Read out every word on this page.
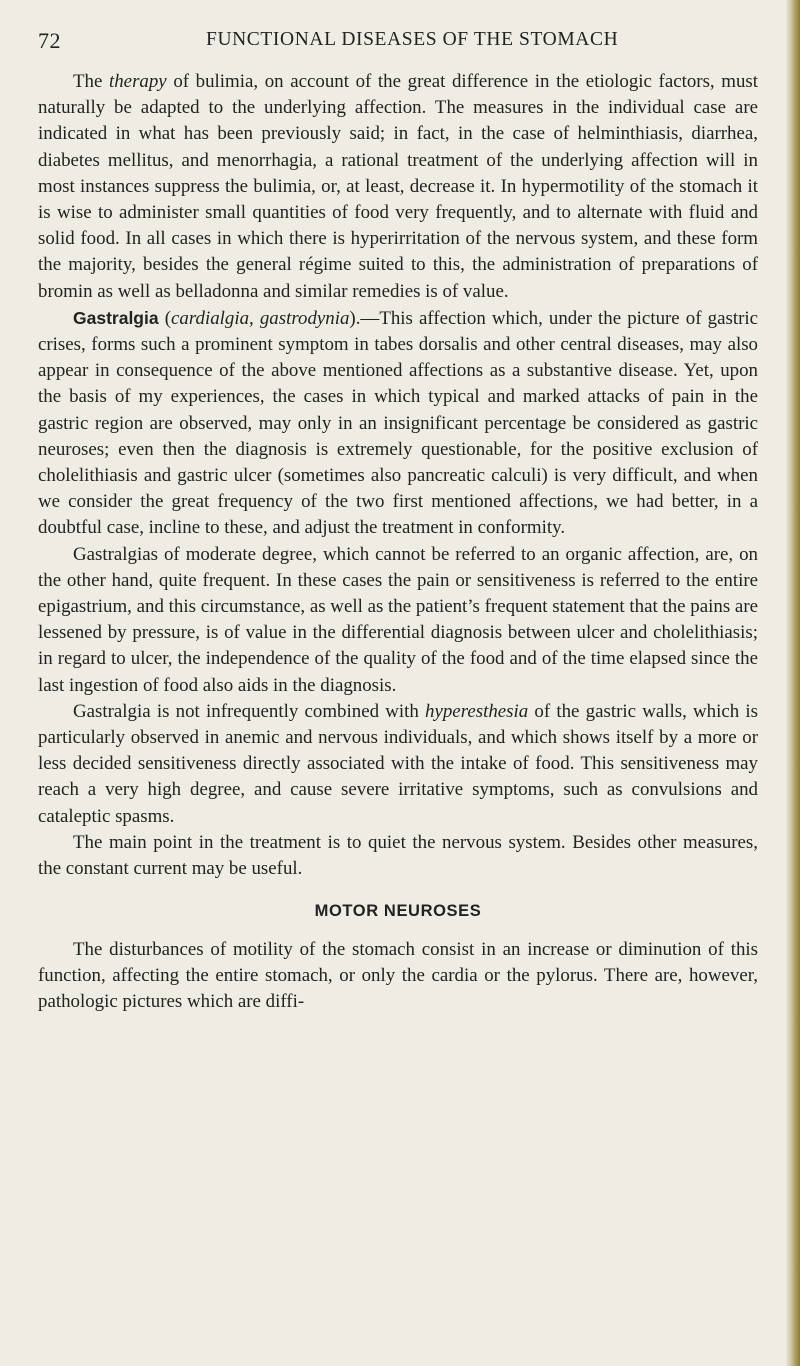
72	FUNCTIONAL DISEASES OF THE STOMACH

The therapy of bulimia, on account of the great difference in the etiologic factors, must naturally be adapted to the underlying affection. The measures in the individual case are indicated in what has been previously said; in fact, in the case of helminthiasis, diarrhea, diabetes mellitus, and menorrhagia, a rational treatment of the underlying affection will in most instances suppress the bulimia, or, at least, decrease it. In hypermotility of the stomach it is wise to administer small quantities of food very frequently, and to alternate with fluid and solid food. In all cases in which there is hyperirritation of the nervous system, and these form the majority, besides the general régime suited to this, the administration of preparations of bromin as well as belladonna and similar remedies is of value.

Gastralgia (cardialgia, gastrodynia).—This affection which, under the picture of gastric crises, forms such a prominent symptom in tabes dorsalis and other central diseases, may also appear in consequence of the above mentioned affections as a substantive disease. Yet, upon the basis of my experiences, the cases in which typical and marked attacks of pain in the gastric region are observed, may only in an insignificant percentage be considered as gastric neuroses; even then the diagnosis is extremely questionable, for the positive exclusion of cholelithiasis and gastric ulcer (sometimes also pancreatic calculi) is very difficult, and when we consider the great frequency of the two first mentioned affections, we had better, in a doubtful case, incline to these, and adjust the treatment in conformity.

Gastralgias of moderate degree, which cannot be referred to an organic affection, are, on the other hand, quite frequent. In these cases the pain or sensitiveness is referred to the entire epigastrium, and this circumstance, as well as the patient’s frequent statement that the pains are lessened by pressure, is of value in the differential diagnosis between ulcer and cholelithiasis; in regard to ulcer, the independence of the quality of the food and of the time elapsed since the last ingestion of food also aids in the diagnosis.

Gastralgia is not infrequently combined with hyperesthesia of the gastric walls, which is particularly observed in anemic and nervous individuals, and which shows itself by a more or less decided sensitiveness directly associated with the intake of food. This sensitiveness may reach a very high degree, and cause severe irritative symptoms, such as convulsions and cataleptic spasms.

The main point in the treatment is to quiet the nervous system. Besides other measures, the constant current may be useful.

MOTOR NEUROSES

The disturbances of motility of the stomach consist in an increase or diminution of this function, affecting the entire stomach, or only the cardia or the pylorus. There are, however, pathologic pictures which are diffi-
